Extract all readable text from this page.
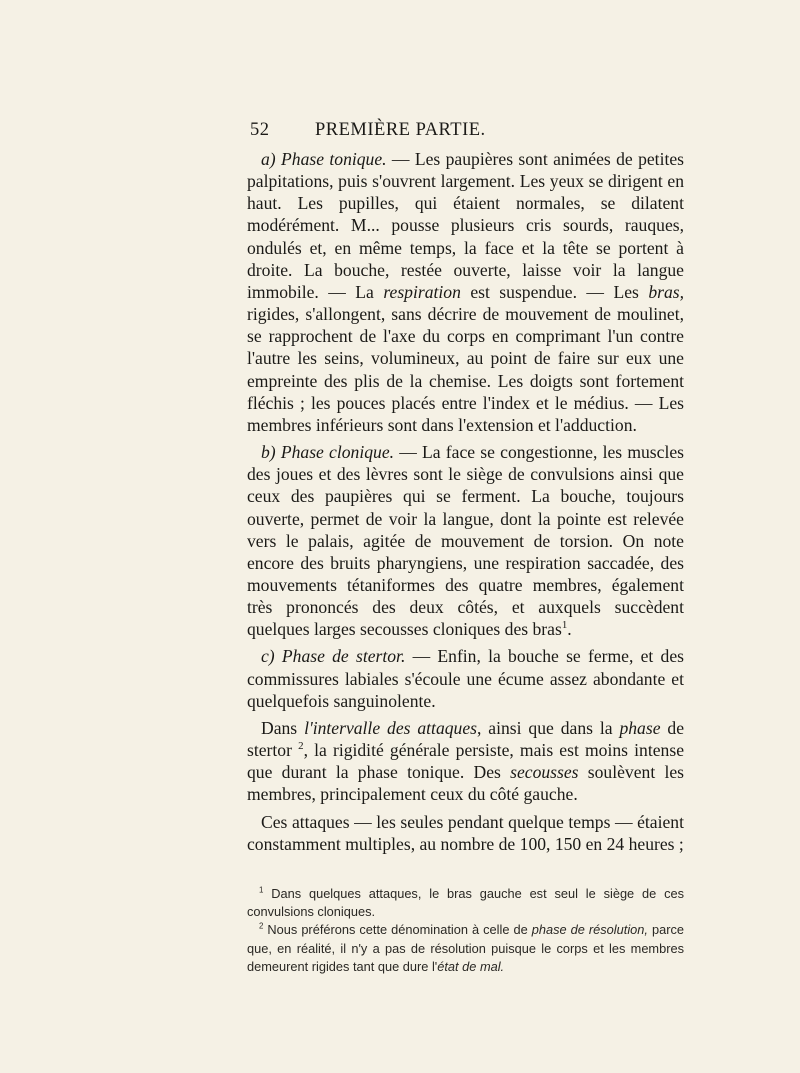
52 PREMIÈRE PARTIE.

a) Phase tonique. — Les paupières sont animées de petites palpitations, puis s'ouvrent largement. Les yeux se dirigent en haut. Les pupilles, qui étaient normales, se dilatent modérément. M... pousse plusieurs cris sourds, rauques, ondulés et, en même temps, la face et la tête se portent à droite. La bouche, restée ouverte, laisse voir la langue immobile. — La respiration est suspendue. — Les bras, rigides, s'allongent, sans décrire de mouvement de moulinet, se rapprochent de l'axe du corps en comprimant l'un contre l'autre les seins, volumineux, au point de faire sur eux une empreinte des plis de la chemise. Les doigts sont fortement fléchis ; les pouces placés entre l'index et le médius. — Les membres inférieurs sont dans l'extension et l'adduction.

b) Phase clonique. — La face se congestionne, les muscles des joues et des lèvres sont le siège de convulsions ainsi que ceux des paupières qui se ferment. La bouche, toujours ouverte, permet de voir la langue, dont la pointe est relevée vers le palais, agitée de mouvement de torsion. On note encore des bruits pharyngiens, une respiration saccadée, des mouvements tétaniformes des quatre membres, également très prononcés des deux côtés, et auxquels succèdent quelques larges secousses cloniques des bras$^1$.

c) Phase de stertor. — Enfin, la bouche se ferme, et des commissures labiales s'écoule une écume assez abondante et quelquefois sanguinolente.

Dans l'intervalle des attaques, ainsi que dans la phase de stertor $^2$, la rigidité générale persiste, mais est moins intense que durant la phase tonique. Des secousses soulèvent les membres, principalement ceux du côté gauche.

Ces attaques — les seules pendant quelque temps — étaient constamment multiples, au nombre de 100, 150 en 24 heures ;

$^1$ Dans quelques attaques, le bras gauche est seul le siège de ces convulsions cloniques.

$^2$ Nous préférons cette dénomination à celle de phase de résolution, parce que, en réalité, il n'y a pas de résolution puisque le corps et les membres demeurent rigides tant que dure l'état de mal.
